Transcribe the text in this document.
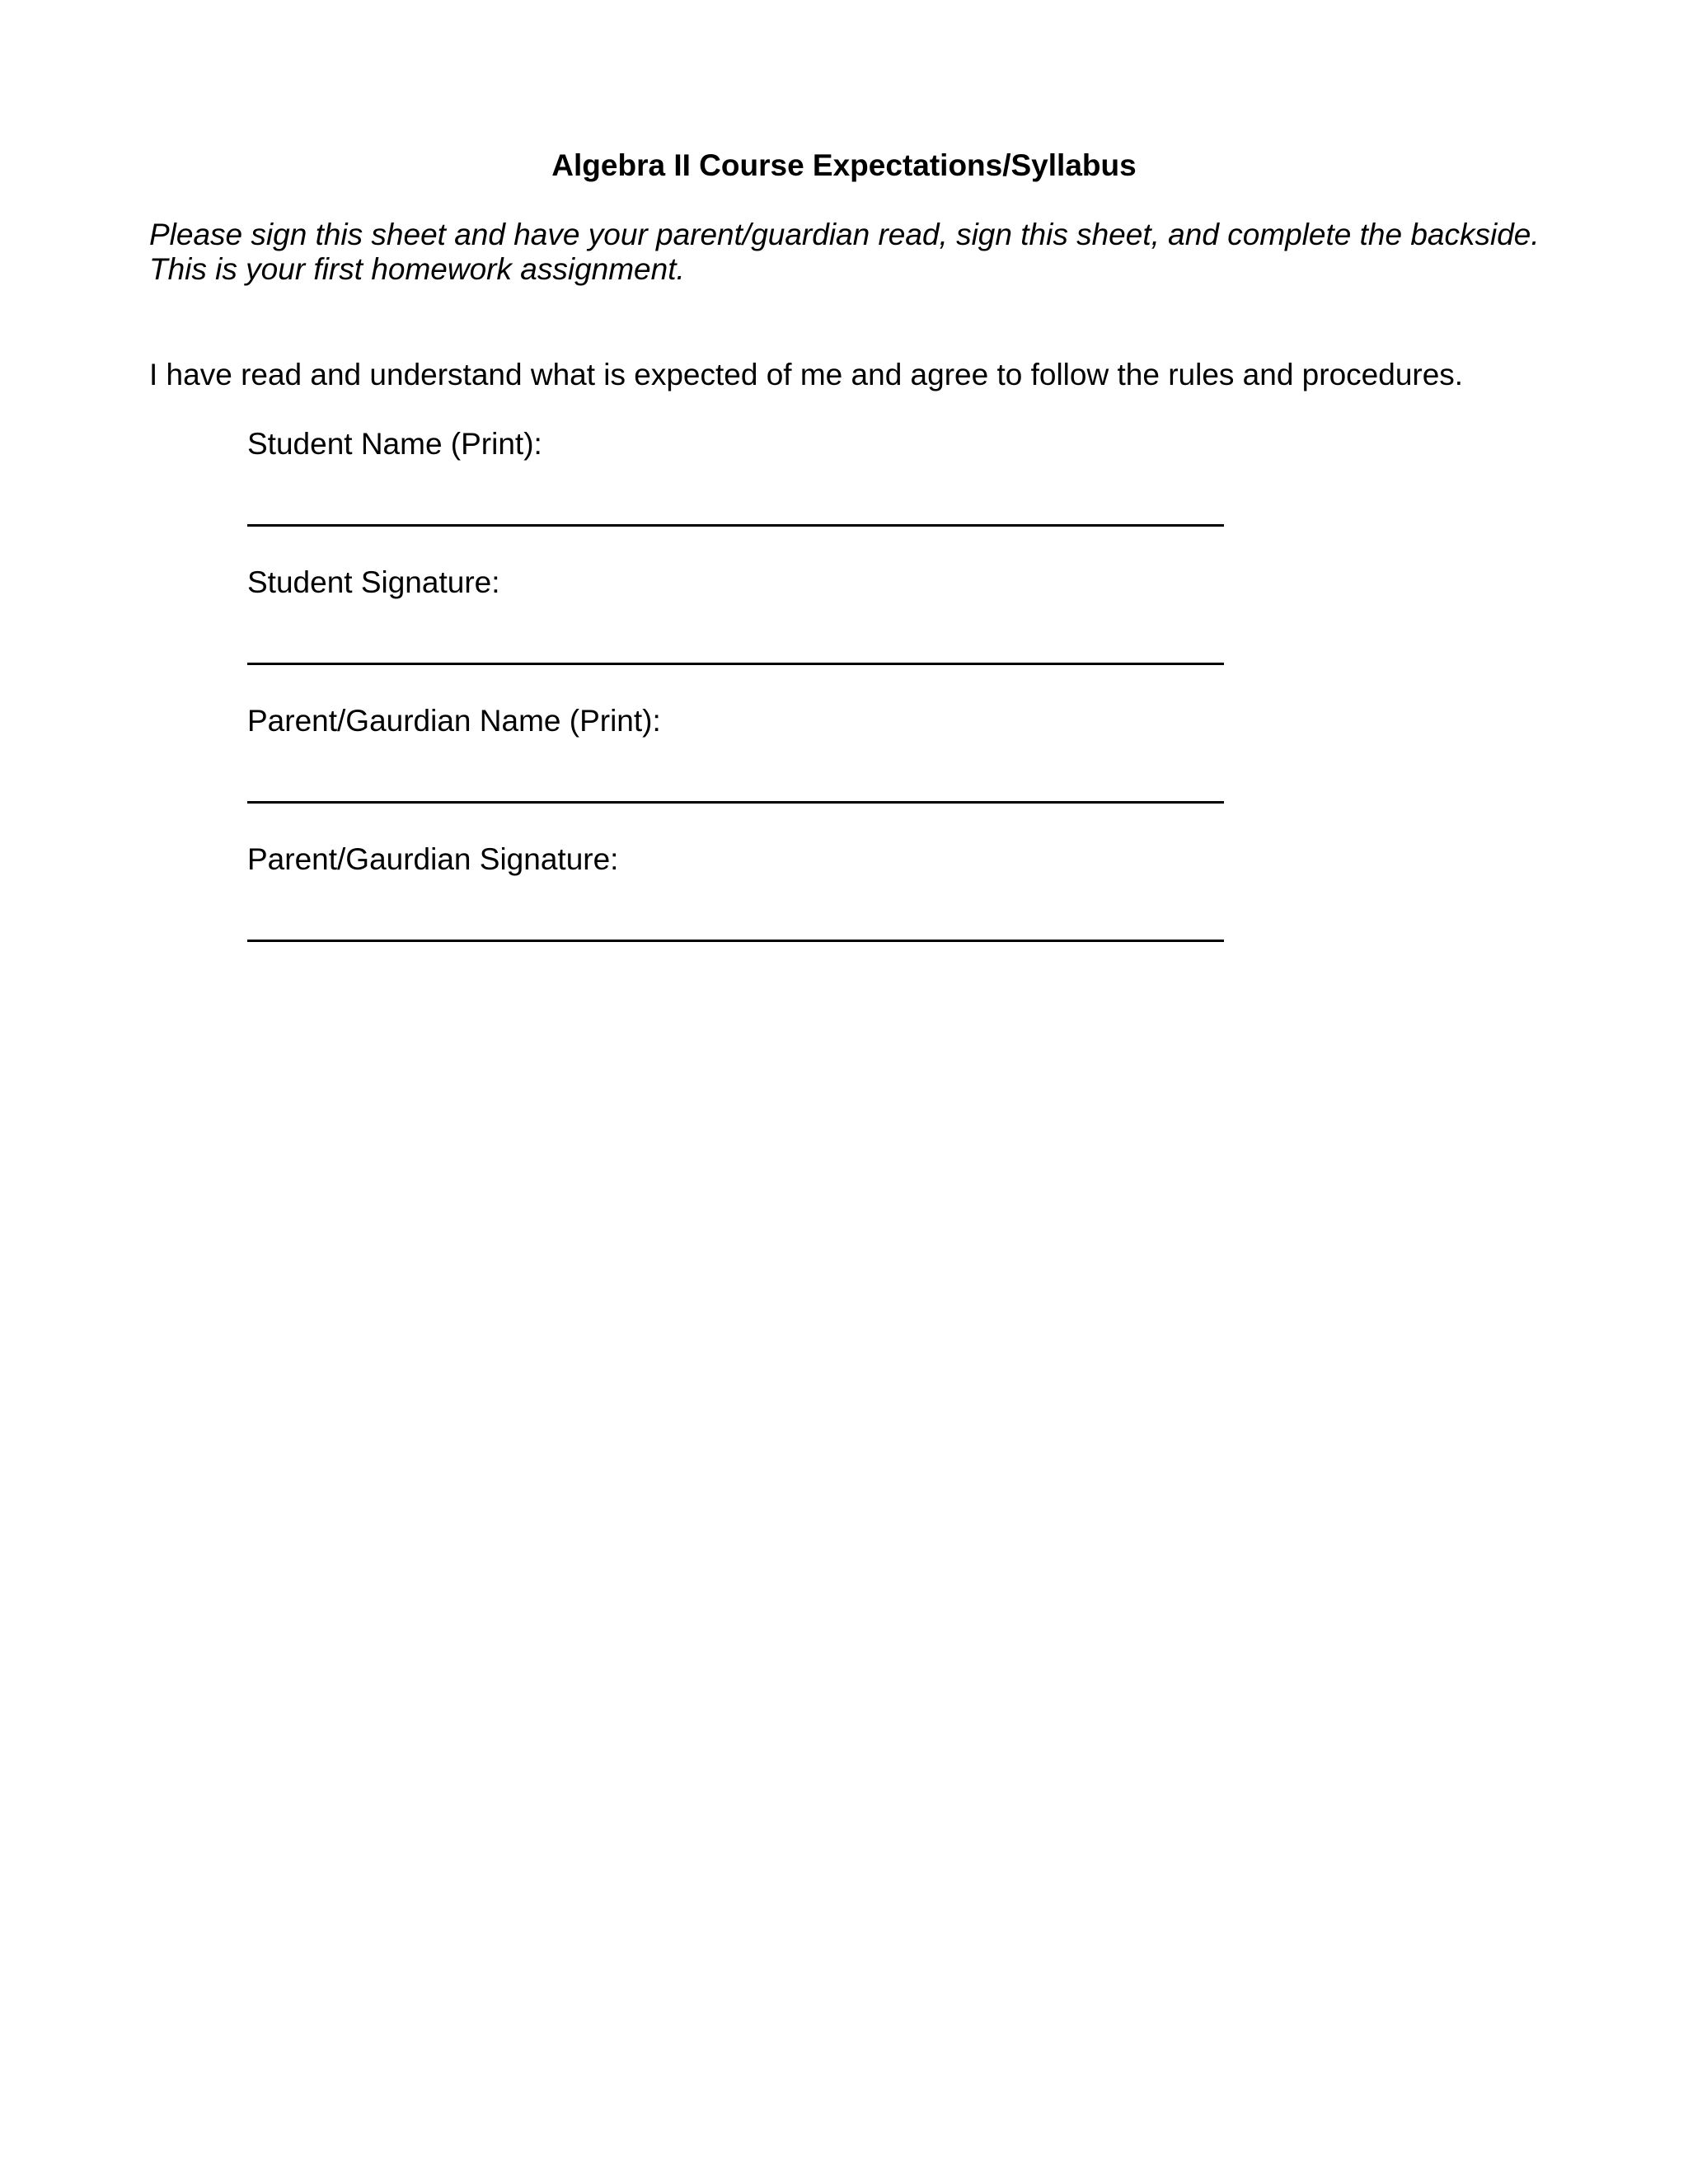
Algebra II Course Expectations/Syllabus
Please sign this sheet and have your parent/guardian read, sign this sheet, and complete the backside.
This is your first homework assignment.
I have read and understand what is expected of me and agree to follow the rules and procedures.
Student Name (Print):
Student Signature:
Parent/Gaurdian Name (Print):
Parent/Gaurdian Signature:
